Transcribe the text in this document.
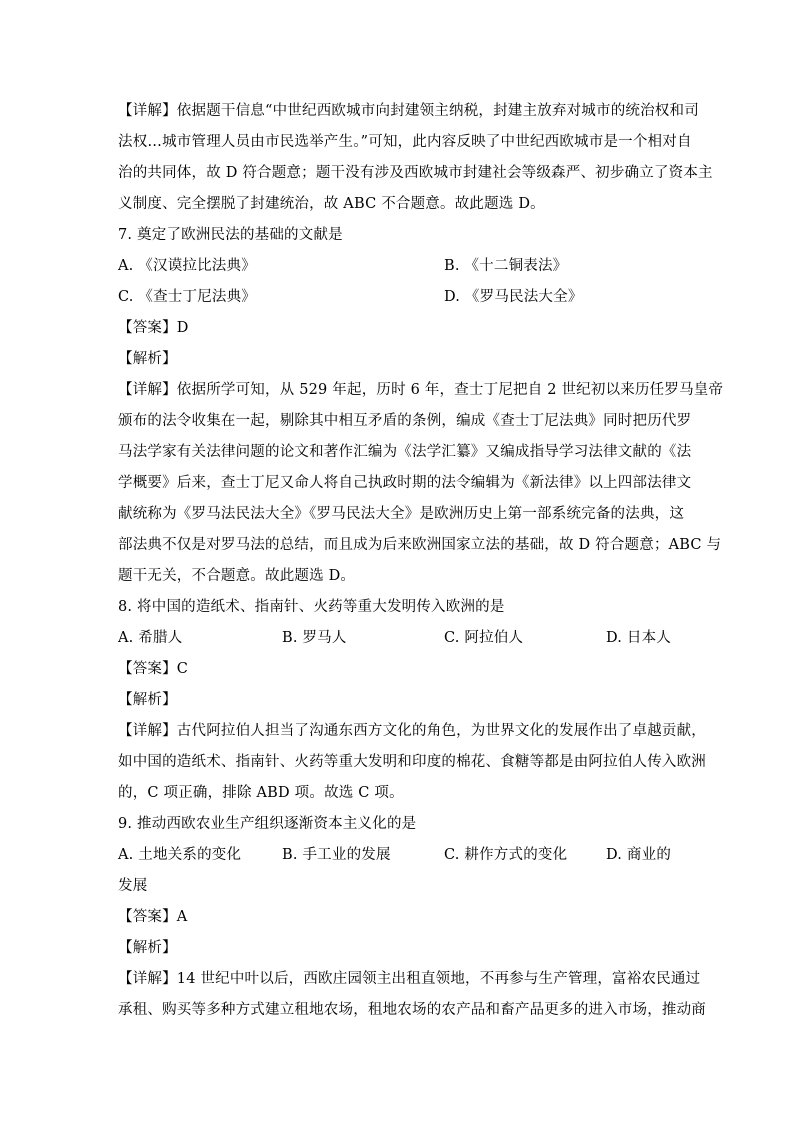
【详解】依据题干信息“中世纪西欧城市向封建领主纳税，封建主放弃对城市的统治权和司
法权…城市管理人员由市民选举产生。”可知，此内容反映了中世纪西欧城市是一个相对自
治的共同体，故 D 符合题意；题干没有涉及西欧城市封建社会等级森严、初步确立了资本主
义制度、完全摆脱了封建统治，故 ABC 不合题意。故此题选 D。
7. 奠定了欧洲民法的基础的文献是
A. 《汉谟拉比法典》	B. 《十二铜表法》
C. 《查士丁尼法典》	D. 《罗马民法大全》
【答案】D
【解析】
【详解】依据所学可知，从 529 年起，历时 6 年，查士丁尼把自 2 世纪初以来历任罗马皇帝
颁布的法令收集在一起，剔除其中相互矛盾的条例，编成《查士丁尼法典》同时把历代罗
马法学家有关法律问题的论文和著作汇编为《法学汇纂》又编成指导学习法律文献的《法
学概要》后来，查士丁尼又命人将自己执政时期的法令编辑为《新法律》以上四部法律文
献统称为《罗马法民法大全》《罗马民法大全》是欧洲历史上第一部系统完备的法典，这
部法典不仅是对罗马法的总结，而且成为后来欧洲国家立法的基础，故 D 符合题意；ABC 与
题干无关，不合题意。故此题选 D。
8. 将中国的造纸术、指南针、火药等重大发明传入欧洲的是
A. 希腊人	B. 罗马人	C. 阿拉伯人	D. 日本人
【答案】C
【解析】
【详解】古代阿拉伯人担当了沟通东西方文化的角色，为世界文化的发展作出了卓越贡献，
如中国的造纸术、指南针、火药等重大发明和印度的棉花、食糖等都是由阿拉伯人传入欧洲
的，C 项正确，排除 ABD 项。故选 C 项。
9. 推动西欧农业生产组织逐渐资本主义化的是
A. 土地关系的变化	B. 手工业的发展	C. 耕作方式的变化	D. 商业的
发展
【答案】A
【解析】
【详解】14 世纪中叶以后，西欧庄园领主出租直领地，不再参与生产管理，富裕农民通过
承租、购买等多种方式建立租地农场，租地农场的农产品和畜产品更多的进入市场，推动商
